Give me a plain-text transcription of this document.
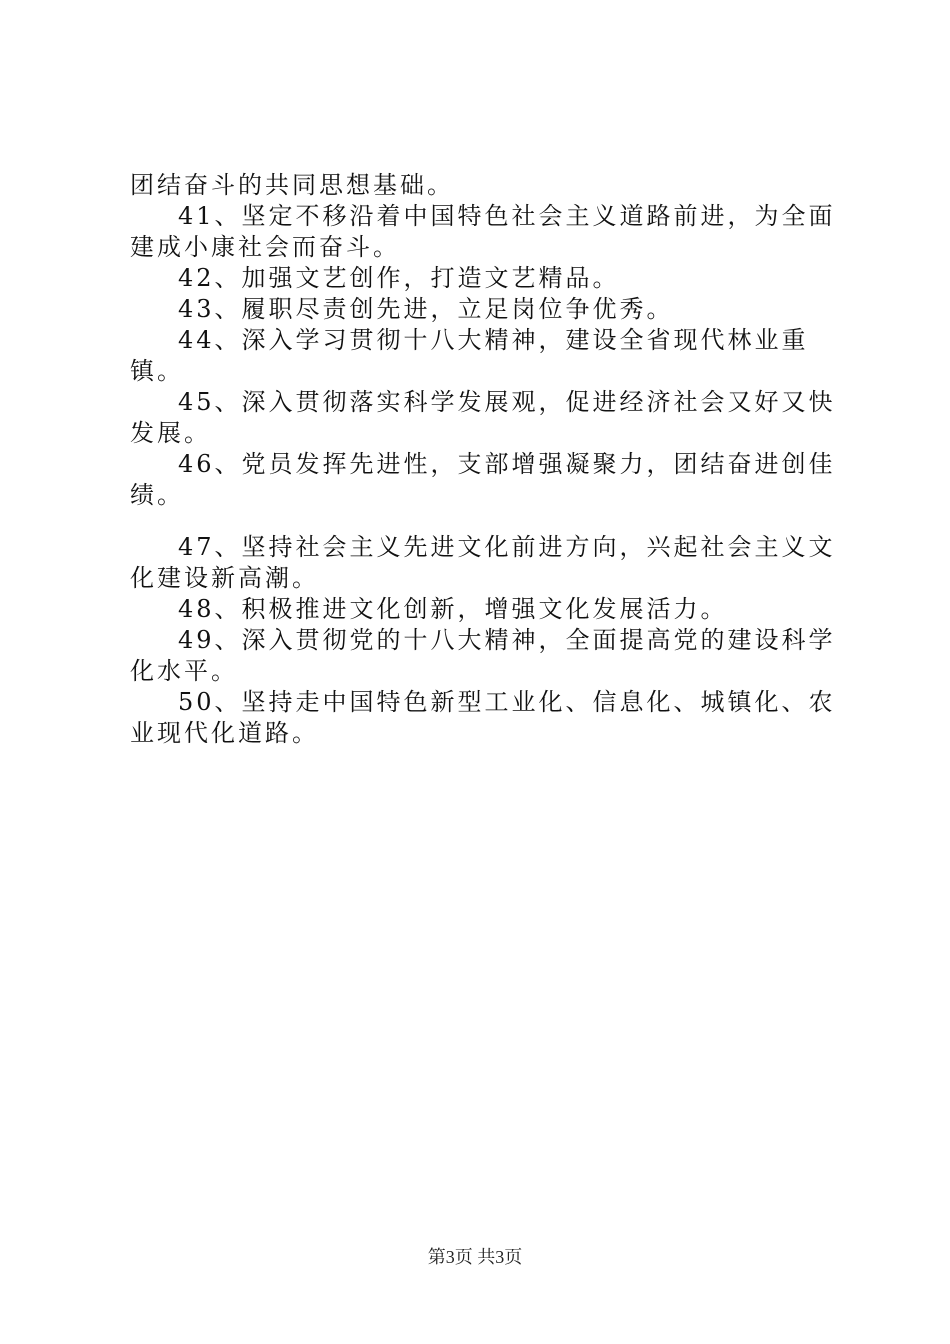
团结奋斗的共同思想基础。

41、坚定不移沿着中国特色社会主义道路前进，为全面建成小康社会而奋斗。

42、加强文艺创作，打造文艺精品。

43、履职尽责创先进，立足岗位争优秀。

44、深入学习贯彻十八大精神，建设全省现代林业重镇。

45、深入贯彻落实科学发展观，促进经济社会又好又快发展。

46、党员发挥先进性，支部增强凝聚力，团结奋进创佳绩。

47、坚持社会主义先进文化前进方向，兴起社会主义文化建设新高潮。

48、积极推进文化创新，增强文化发展活力。

49、深入贯彻党的十八大精神，全面提高党的建设科学化水平。

50、坚持走中国特色新型工业化、信息化、城镇化、农业现代化道路。

第3页 共3页
